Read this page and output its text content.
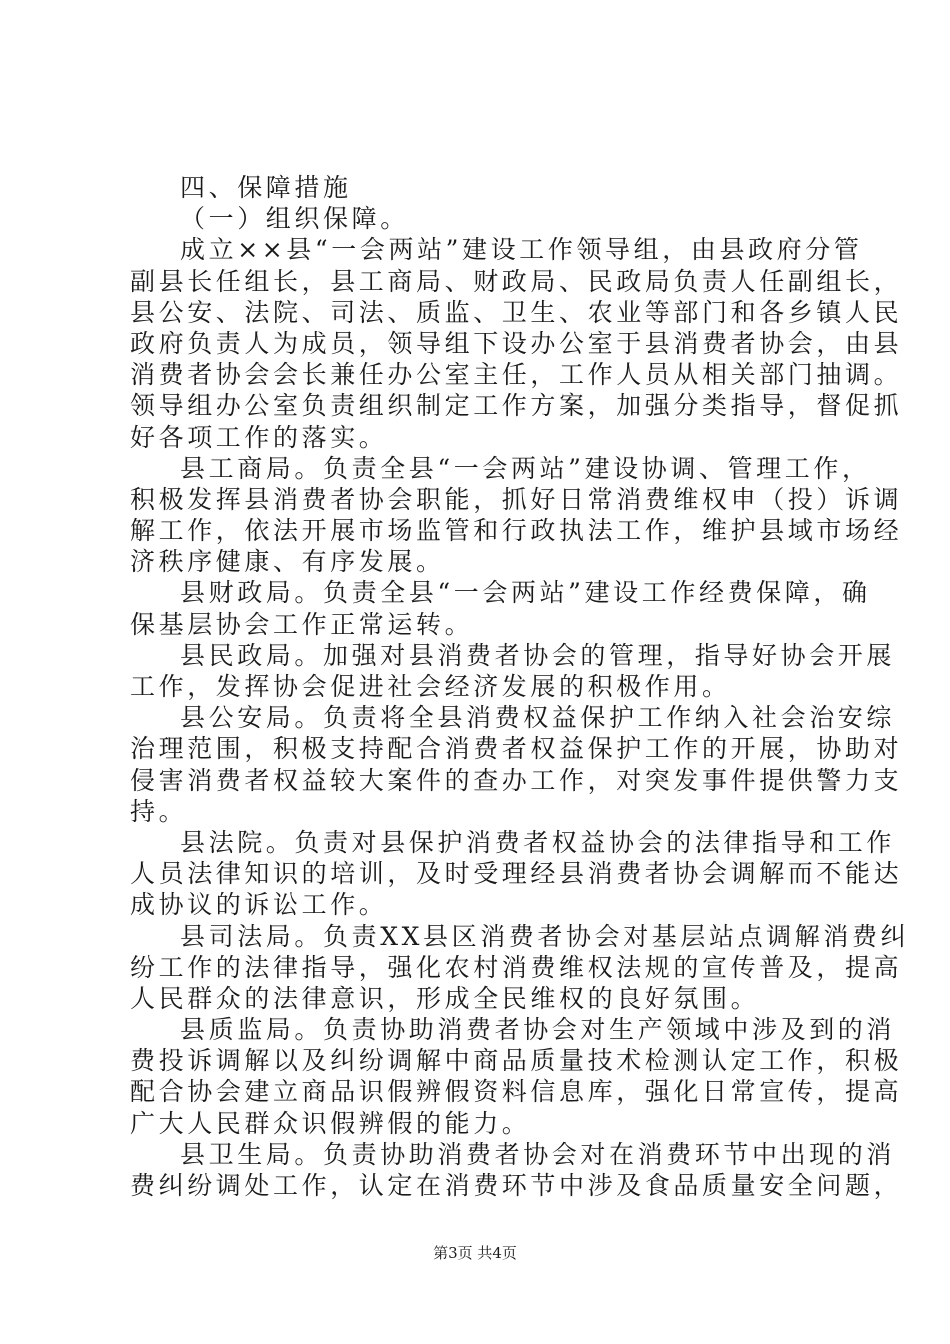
四、保障措施
（一）组织保障。
成立××县“一会两站”建设工作领导组，由县政府分管
副县长任组长，县工商局、财政局、民政局负责人任副组长，
县公安、法院、司法、质监、卫生、农业等部门和各乡镇人民
政府负责人为成员，领导组下设办公室于县消费者协会，由县
消费者协会会长兼任办公室主任，工作人员从相关部门抽调。
领导组办公室负责组织制定工作方案，加强分类指导，督促抓
好各项工作的落实。
县工商局。负责全县“一会两站”建设协调、管理工作，
积极发挥县消费者协会职能，抓好日常消费维权申（投）诉调
解工作，依法开展市场监管和行政执法工作，维护县域市场经
济秩序健康、有序发展。
县财政局。负责全县“一会两站”建设工作经费保障，确
保基层协会工作正常运转。
县民政局。加强对县消费者协会的管理，指导好协会开展
工作，发挥协会促进社会经济发展的积极作用。
县公安局。负责将全县消费权益保护工作纳入社会治安综
治理范围，积极支持配合消费者权益保护工作的开展，协助对
侵害消费者权益较大案件的查办工作，对突发事件提供警力支
持。
县法院。负责对县保护消费者权益协会的法律指导和工作
人员法律知识的培训，及时受理经县消费者协会调解而不能达
成协议的诉讼工作。
县司法局。负责XX县区消费者协会对基层站点调解消费纠
纷工作的法律指导，强化农村消费维权法规的宣传普及，提高
人民群众的法律意识，形成全民维权的良好氛围。
县质监局。负责协助消费者协会对生产领域中涉及到的消
费投诉调解以及纠纷调解中商品质量技术检测认定工作，积极
配合协会建立商品识假辨假资料信息库，强化日常宣传，提高
广大人民群众识假辨假的能力。
县卫生局。负责协助消费者协会对在消费环节中出现的消
费纠纷调处工作，认定在消费环节中涉及食品质量安全问题，
第3页 共4页
